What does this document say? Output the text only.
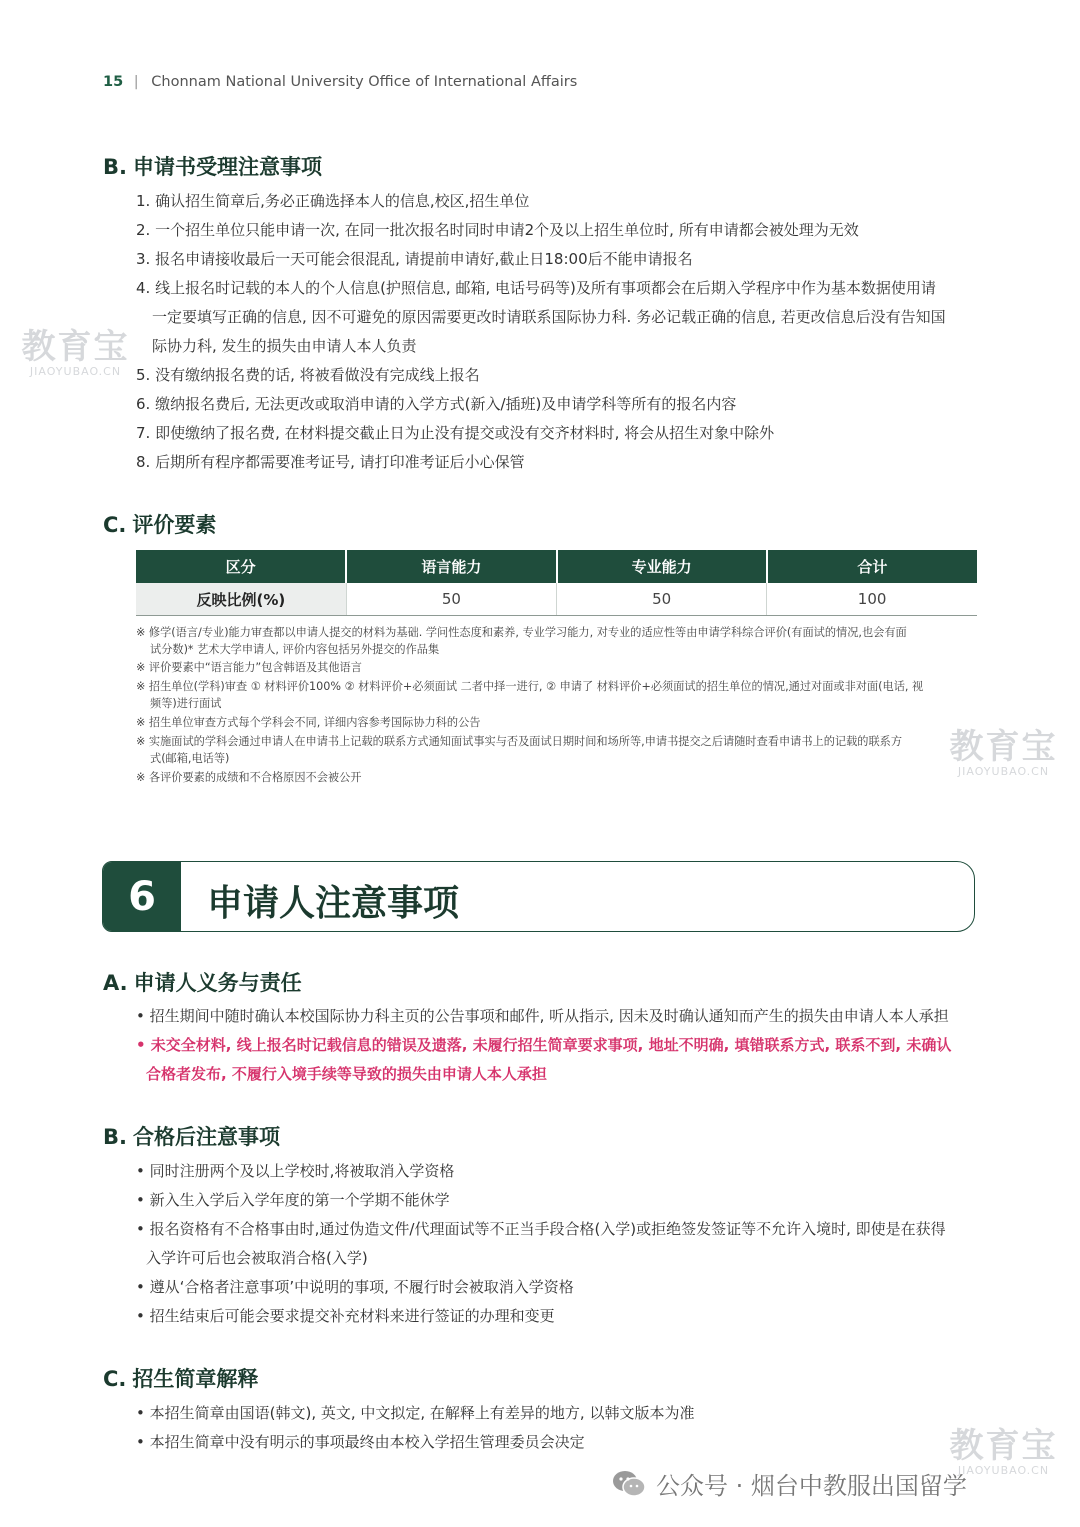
15 | Chonnam National University Office of International Affairs
B. 申请书受理注意事项
1. 确认招生简章后,务必正确选择本人的信息,校区,招生单位
2. 一个招生单位只能申请一次, 在同一批次报名时同时申请2个及以上招生单位时, 所有申请都会被处理为无效
3. 报名申请接收最后一天可能会很混乱, 请提前申请好,截止日18:00后不能申请报名
4. 线上报名时记载的本人的个人信息(护照信息, 邮箱, 电话号码等)及所有事项都会在后期入学程序中作为基本数据使用请
一定要填写正确的信息, 因不可避免的原因需要更改时请联系国际协力科. 务必记载正确的信息, 若更改信息后没有告知国
际协力科, 发生的损失由申请人本人负责
5. 没有缴纳报名费的话, 将被看做没有完成线上报名
6. 缴纳报名费后, 无法更改或取消申请的入学方式(新入/插班)及申请学科等所有的报名内容
7. 即使缴纳了报名费, 在材料提交截止日为止没有提交或没有交齐材料时, 将会从招生对象中除外
8. 后期所有程序都需要准考证号, 请打印准考证后小心保管
C. 评价要素
区分	语言能力	专业能力	合计
反映比例(%)	50	50	100
※ 修学(语言/专业)能力审查都以申请人提交的材料为基础. 学问性态度和素养, 专业学习能力, 对专业的适应性等由申请学科综合评价(有面试的情况,也会有面
试分数)* 艺术大学申请人, 评价内容包括另外提交的作品集
※ 评价要素中“语言能力”包含韩语及其他语言
※ 招生单位(学科)审查 ① 材料评价100% ② 材料评价+必须面试 二者中择一进行, ② 申请了 材料评价+必须面试的招生单位的情况,通过对面或非对面(电话, 视
频等)进行面试
※ 招生单位审查方式每个学科会不同, 详细内容参考国际协力科的公告
※ 实施面试的学科会通过申请人在申请书上记载的联系方式通知面试事实与否及面试日期时间和场所等,申请书提交之后请随时查看申请书上的记载的联系方
式(邮箱,电话等)
※ 各评价要素的成绩和不合格原因不会被公开
6	申请人注意事项
A. 申请人义务与责任
• 招生期间中随时确认本校国际协力科主页的公告事项和邮件, 听从指示, 因未及时确认通知而产生的损失由申请人本人承担
• 未交全材料, 线上报名时记载信息的错误及遗落, 未履行招生简章要求事项, 地址不明确, 填错联系方式, 联系不到, 未确认
合格者发布, 不履行入境手续等导致的损失由申请人本人承担
B. 合格后注意事项
• 同时注册两个及以上学校时,将被取消入学资格
• 新入生入学后入学年度的第一个学期不能休学
• 报名资格有不合格事由时,通过伪造文件/代理面试等不正当手段合格(入学)或拒绝签发签证等不允许入境时, 即使是在获得
入学许可后也会被取消合格(入学)
• 遵从‘合格者注意事项’中说明的事项, 不履行时会被取消入学资格
• 招生结束后可能会要求提交补充材料来进行签证的办理和变更
C. 招生简章解释
• 本招生简章由国语(韩文), 英文, 中文拟定, 在解释上有差异的地方, 以韩文版本为准
• 本招生简章中没有明示的事项最终由本校入学招生管理委员会决定
教育宝
JIAOYUBAO.CN
教育宝
JIAOYUBAO.CN
公众号 · 烟台中教服出国留学
教育宝
JIAOYUBAO.CN
